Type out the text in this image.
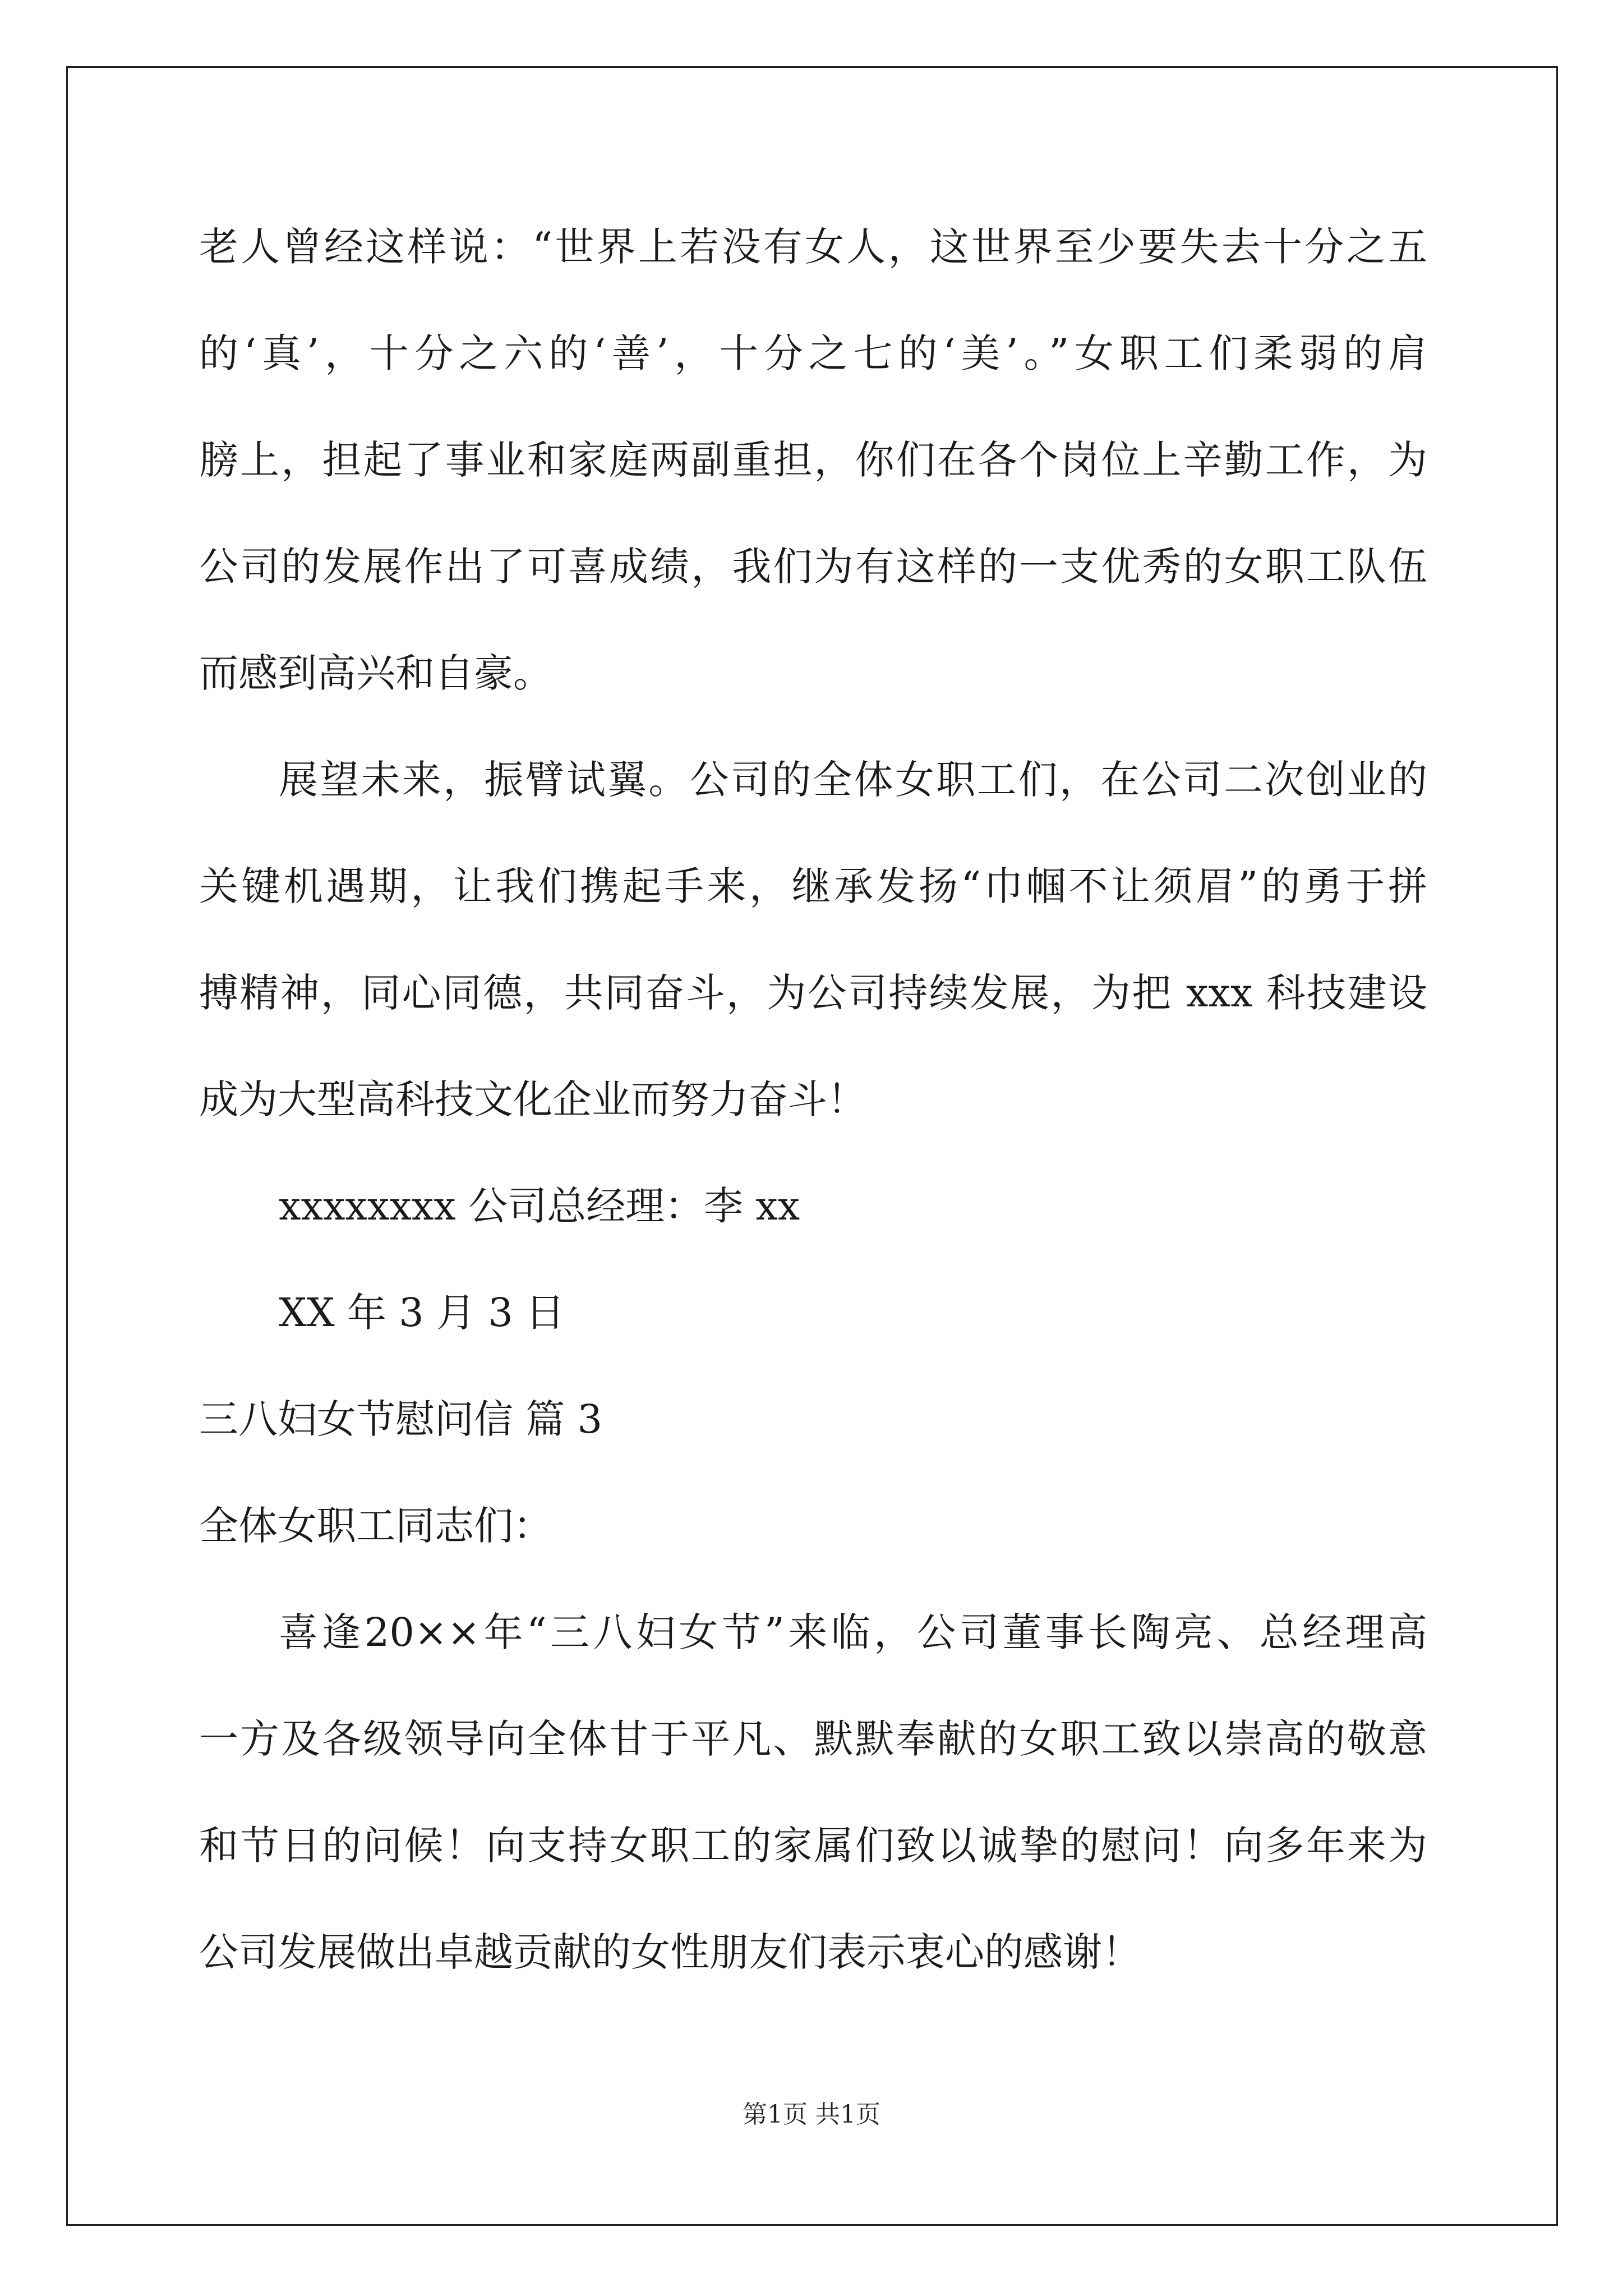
老人曾经这样说：“世界上若没有女人，这世界至少要失去十分之五

的‘真’，十分之六的‘善’，十分之七的‘美’。”女职工们柔弱的肩

膀上，担起了事业和家庭两副重担，你们在各个岗位上辛勤工作，为

公司的发展作出了可喜成绩，我们为有这样的一支优秀的女职工队伍

而感到高兴和自豪。

展望未来，振臂试翼。公司的全体女职工们，在公司二次创业的

关键机遇期，让我们携起手来，继承发扬“巾帼不让须眉”的勇于拼

搏精神，同心同德，共同奋斗，为公司持续发展，为把 xxx 科技建设

成为大型高科技文化企业而努力奋斗！

xxxxxxxx 公司总经理：李 xx

XX 年 3 月 3 日

三八妇女节慰问信 篇 3

全体女职工同志们：

喜逢20××年“三八妇女节”来临，公司董事长陶亮、总经理高

一方及各级领导向全体甘于平凡、默默奉献的女职工致以崇高的敬意

和节日的问候！向支持女职工的家属们致以诚挚的慰问！向多年来为

公司发展做出卓越贡献的女性朋友们表示衷心的感谢！

第1页 共1页
